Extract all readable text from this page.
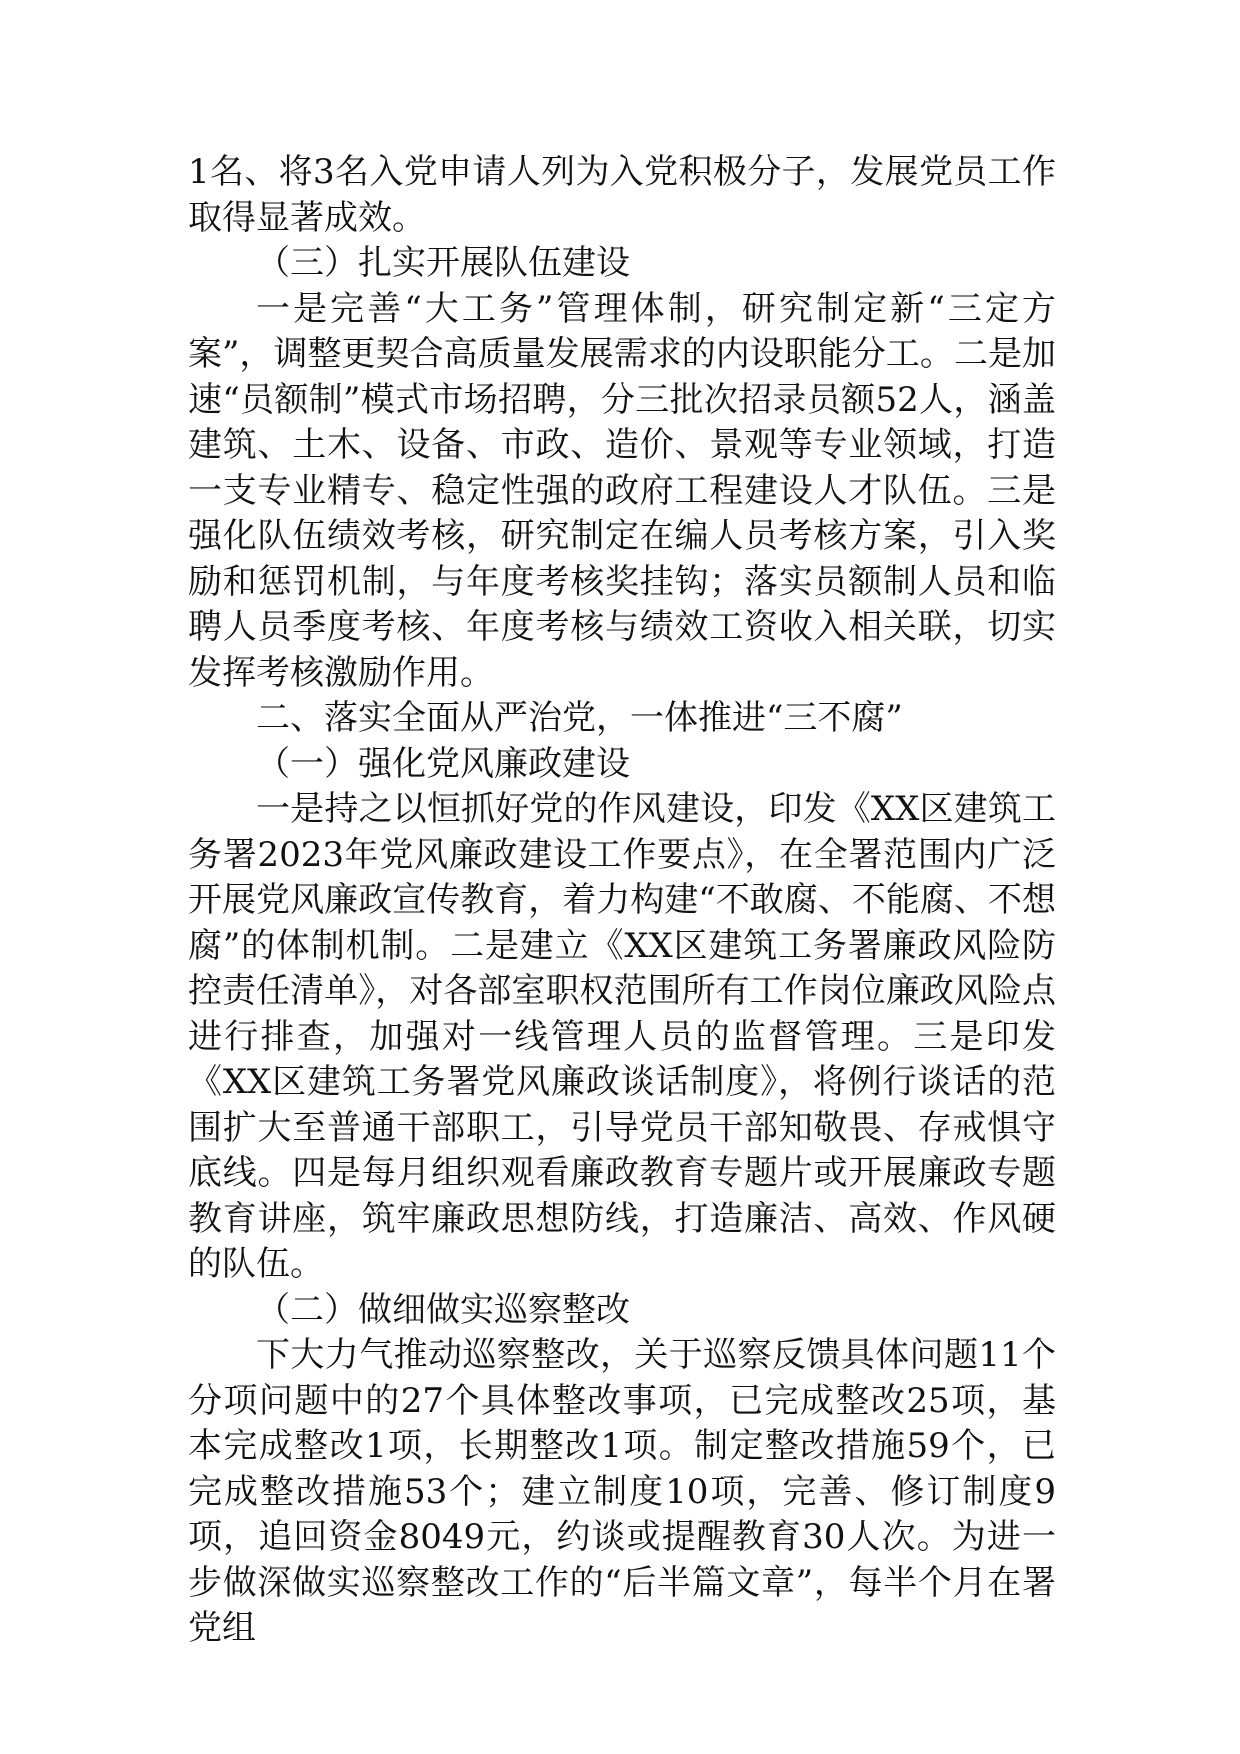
1名、将3名入党申请人列为入党积极分子，发展党员工作取得显著成效。

（三）扎实开展队伍建设

一是完善“大工务”管理体制，研究制定新“三定方案”，调整更契合高质量发展需求的内设职能分工。二是加速“员额制”模式市场招聘，分三批次招录员额52人，涵盖建筑、土木、设备、市政、造价、景观等专业领域，打造一支专业精专、稳定性强的政府工程建设人才队伍。三是强化队伍绩效考核，研究制定在编人员考核方案，引入奖励和惩罚机制，与年度考核奖挂钩；落实员额制人员和临聘人员季度考核、年度考核与绩效工资收入相关联，切实发挥考核激励作用。

二、落实全面从严治党，一体推进“三不腐”

（一）强化党风廉政建设

一是持之以恒抓好党的作风建设，印发《XX区建筑工务署2023年党风廉政建设工作要点》，在全署范围内广泛开展党风廉政宣传教育，着力构建“不敢腐、不能腐、不想腐”的体制机制。二是建立《XX区建筑工务署廉政风险防控责任清单》，对各部室职权范围所有工作岗位廉政风险点进行排查，加强对一线管理人员的监督管理。三是印发《XX区建筑工务署党风廉政谈话制度》，将例行谈话的范围扩大至普通干部职工，引导党员干部知敬畏、存戒惧守底线。四是每月组织观看廉政教育专题片或开展廉政专题教育讲座，筑牢廉政思想防线，打造廉洁、高效、作风硬的队伍。

（二）做细做实巡察整改

下大力气推动巡察整改，关于巡察反馈具体问题11个分项问题中的27个具体整改事项，已完成整改25项，基本完成整改1项，长期整改1项。制定整改措施59个，已完成整改措施53个；建立制度10项，完善、修订制度9项，追回资金8049元，约谈或提醒教育30人次。为进一步做深做实巡察整改工作的“后半篇文章”，每半个月在署党组
